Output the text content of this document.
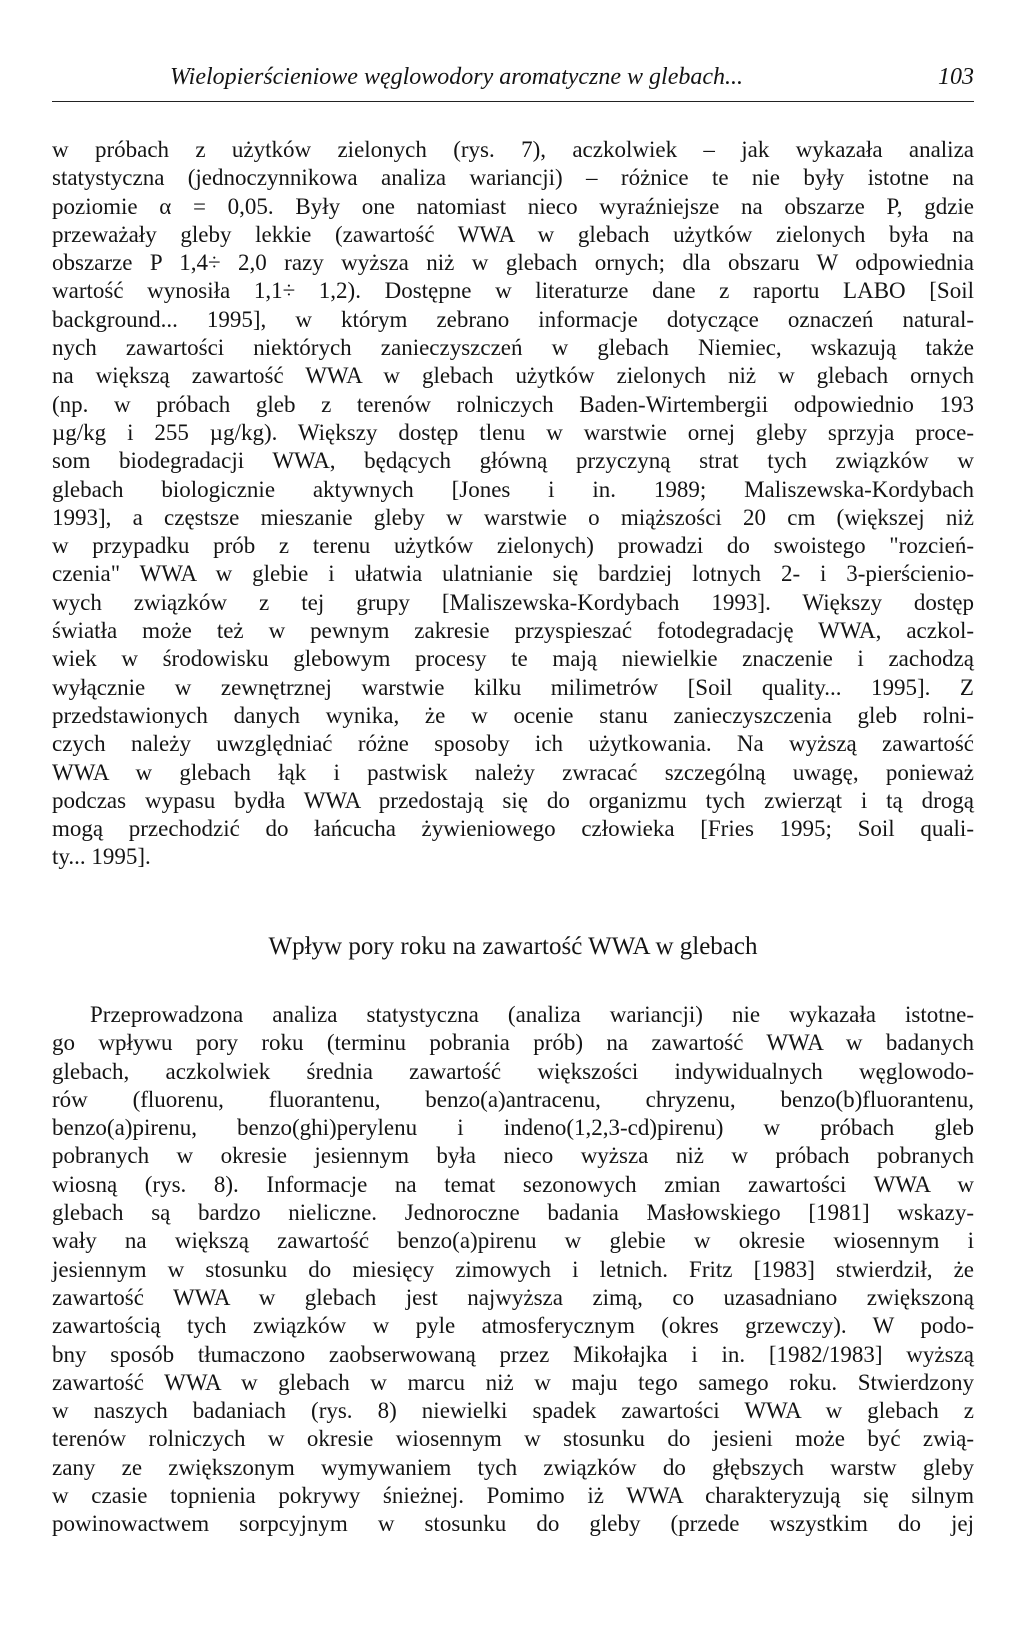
Wielopierścieniowe węglowodory aromatyczne w glebach...	103
w próbach z użytków zielonych (rys. 7), aczkolwiek – jak wykazała analiza
statystyczna (jednoczynnikowa analiza wariancji) – różnice te nie były istotne na
poziomie α = 0,05. Były one natomiast nieco wyraźniejsze na obszarze P, gdzie
przeważały gleby lekkie (zawartość WWA w glebach użytków zielonych była na
obszarze P 1,4÷ 2,0 razy wyższa niż w glebach ornych; dla obszaru W odpowiednia
wartość wynosiła 1,1÷ 1,2). Dostępne w literaturze dane z raportu LABO [Soil
background... 1995], w którym zebrano informacje dotyczące oznaczeń natural-
nych zawartości niektórych zanieczyszczeń w glebach Niemiec, wskazują także
na większą zawartość WWA w glebach użytków zielonych niż w glebach ornych
(np. w próbach gleb z terenów rolniczych Baden-Wirtembergii odpowiednio 193
µg/kg i 255 µg/kg). Większy dostęp tlenu w warstwie ornej gleby sprzyja proce-
som biodegradacji WWA, będących główną przyczyną strat tych związków w
glebach biologicznie aktywnych [Jones i in. 1989; Maliszewska-Kordybach
1993], a częstsze mieszanie gleby w warstwie o miąższości 20 cm (większej niż
w przypadku prób z terenu użytków zielonych) prowadzi do swoistego "rozcień-
czenia" WWA w glebie i ułatwia ulatnianie się bardziej lotnych 2- i 3-pierścienio-
wych związków z tej grupy [Maliszewska-Kordybach 1993]. Większy dostęp
światła może też w pewnym zakresie przyspieszać fotodegradację WWA, aczkol-
wiek w środowisku glebowym procesy te mają niewielkie znaczenie i zachodzą
wyłącznie w zewnętrznej warstwie kilku milimetrów [Soil quality... 1995]. Z
przedstawionych danych wynika, że w ocenie stanu zanieczyszczenia gleb rolni-
czych należy uwzględniać różne sposoby ich użytkowania. Na wyższą zawartość
WWA w glebach łąk i pastwisk należy zwracać szczególną uwagę, ponieważ
podczas wypasu bydła WWA przedostają się do organizmu tych zwierząt i tą drogą
mogą przechodzić do łańcucha żywieniowego człowieka [Fries 1995; Soil quali-
ty... 1995].
Wpływ pory roku na zawartość WWA w glebach
Przeprowadzona analiza statystyczna (analiza wariancji) nie wykazała istotne-
go wpływu pory roku (terminu pobrania prób) na zawartość WWA w badanych
glebach, aczkolwiek średnia zawartość większości indywidualnych węglowodo-
rów (fluorenu, fluorantenu, benzo(a)antracenu, chryzenu, benzo(b)fluorantenu,
benzo(a)pirenu, benzo(ghi)perylenu i indeno(1,2,3-cd)pirenu) w próbach gleb
pobranych w okresie jesiennym była nieco wyższa niż w próbach pobranych
wiosną (rys. 8). Informacje na temat sezonowych zmian zawartości WWA w
glebach są bardzo nieliczne. Jednoroczne badania Masłowskiego [1981] wskazy-
wały na większą zawartość benzo(a)pirenu w glebie w okresie wiosennym i
jesiennym w stosunku do miesięcy zimowych i letnich. Fritz [1983] stwierdził, że
zawartość WWA w glebach jest najwyższa zimą, co uzasadniano zwiększoną
zawartością tych związków w pyle atmosferycznym (okres grzewczy). W podo-
bny sposób tłumaczono zaobserwowaną przez Mikołajka i in. [1982/1983] wyższą
zawartość WWA w glebach w marcu niż w maju tego samego roku. Stwierdzony
w naszych badaniach (rys. 8) niewielki spadek zawartości WWA w glebach z
terenów rolniczych w okresie wiosennym w stosunku do jesieni może być zwią-
zany ze zwiększonym wymywaniem tych związków do głębszych warstw gleby
w czasie topnienia pokrywy śnieżnej. Pomimo iż WWA charakteryzują się silnym
powinowactwem sorpcyjnym w stosunku do gleby (przede wszystkim do jej
